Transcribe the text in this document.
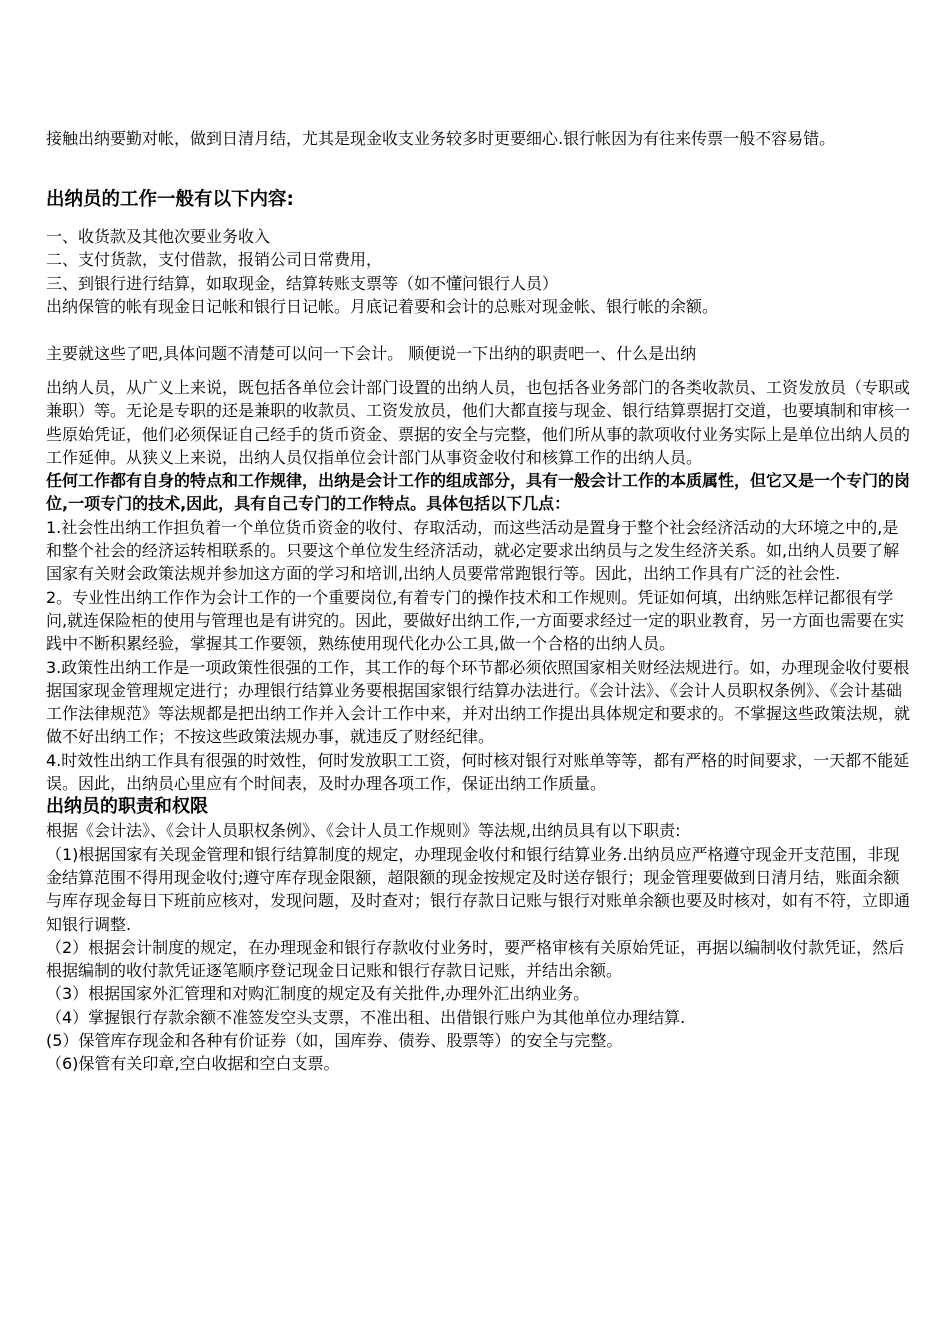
接触出纳要勤对帐，做到日清月结，尤其是现金收支业务较多时更要细心.银行帐因为有往来传票一般不容易错。

出纳员的工作一般有以下内容:
一、收货款及其他次要业务收入
二、支付货款，支付借款，报销公司日常费用，
三、到银行进行结算，如取现金，结算转账支票等（如不懂问银行人员）
出纳保管的帐有现金日记帐和银行日记帐。月底记着要和会计的总账对现金帐、银行帐的余额。

主要就这些了吧,具体问题不清楚可以问一下会计。 顺便说一下出纳的职责吧一、什么是出纳

出纳人员，从广义上来说，既包括各单位会计部门设置的出纳人员，也包括各业务部门的各类收款员、工资发放员（专职或兼职）等。无论是专职的还是兼职的收款员、工资发放员，他们大都直接与现金、银行结算票据打交道，也要填制和审核一些原始凭证，他们必须保证自己经手的货币资金、票据的安全与完整，他们所从事的款项收付业务实际上是单位出纳人员的工作延伸。从狭义上来说，出纳人员仅指单位会计部门从事资金收付和核算工作的出纳人员。

任何工作都有自身的特点和工作规律，出纳是会计工作的组成部分，具有一般会计工作的本质属性，但它又是一个专门的岗位,一项专门的技术,因此，具有自己专门的工作特点。具体包括以下几点：

1.社会性出纳工作担负着一个单位货币资金的收付、存取活动，而这些活动是置身于整个社会经济活动的大环境之中的,是和整个社会的经济运转相联系的。只要这个单位发生经济活动，就必定要求出纳员与之发生经济关系。如,出纳人员要了解国家有关财会政策法规并参加这方面的学习和培训,出纳人员要常常跑银行等。因此，出纳工作具有广泛的社会性.

2。专业性出纳工作作为会计工作的一个重要岗位,有着专门的操作技术和工作规则。凭证如何填，出纳账怎样记都很有学问,就连保险柜的使用与管理也是有讲究的。因此，要做好出纳工作,一方面要求经过一定的职业教育，另一方面也需要在实践中不断积累经验，掌握其工作要领，熟练使用现代化办公工具,做一个合格的出纳人员。

3.政策性出纳工作是一项政策性很强的工作，其工作的每个环节都必须依照国家相关财经法规进行。如，办理现金收付要根据国家现金管理规定进行；办理银行结算业务要根据国家银行结算办法进行。《会计法》、《会计人员职权条例》、《会计基础工作法律规范》等法规都是把出纳工作并入会计工作中来，并对出纳工作提出具体规定和要求的。不掌握这些政策法规，就做不好出纳工作；不按这些政策法规办事，就违反了财经纪律。

4.时效性出纳工作具有很强的时效性，何时发放职工工资，何时核对银行对账单等等，都有严格的时间要求，一天都不能延误。因此，出纳员心里应有个时间表，及时办理各项工作，保证出纳工作质量。

出纳员的职责和权限

根据《会计法》、《会计人员职权条例》、《会计人员工作规则》等法规,出纳员具有以下职责:

（1)根据国家有关现金管理和银行结算制度的规定，办理现金收付和银行结算业务.出纳员应严格遵守现金开支范围，非现金结算范围不得用现金收付;遵守库存现金限额，超限额的现金按规定及时送存银行；现金管理要做到日清月结，账面余额与库存现金每日下班前应核对，发现问题，及时查对；银行存款日记账与银行对账单余额也要及时核对，如有不符，立即通知银行调整.

（2）根据会计制度的规定，在办理现金和银行存款收付业务时，要严格审核有关原始凭证，再据以编制收付款凭证，然后根据编制的收付款凭证逐笔顺序登记现金日记账和银行存款日记账，并结出余额。

（3）根据国家外汇管理和对购汇制度的规定及有关批件,办理外汇出纳业务。

（4）掌握银行存款余额不准签发空头支票，不准出租、出借银行账户为其他单位办理结算.

(5）保管库存现金和各种有价证券（如，国库券、债券、股票等）的安全与完整。

（6)保管有关印章,空白收据和空白支票。
